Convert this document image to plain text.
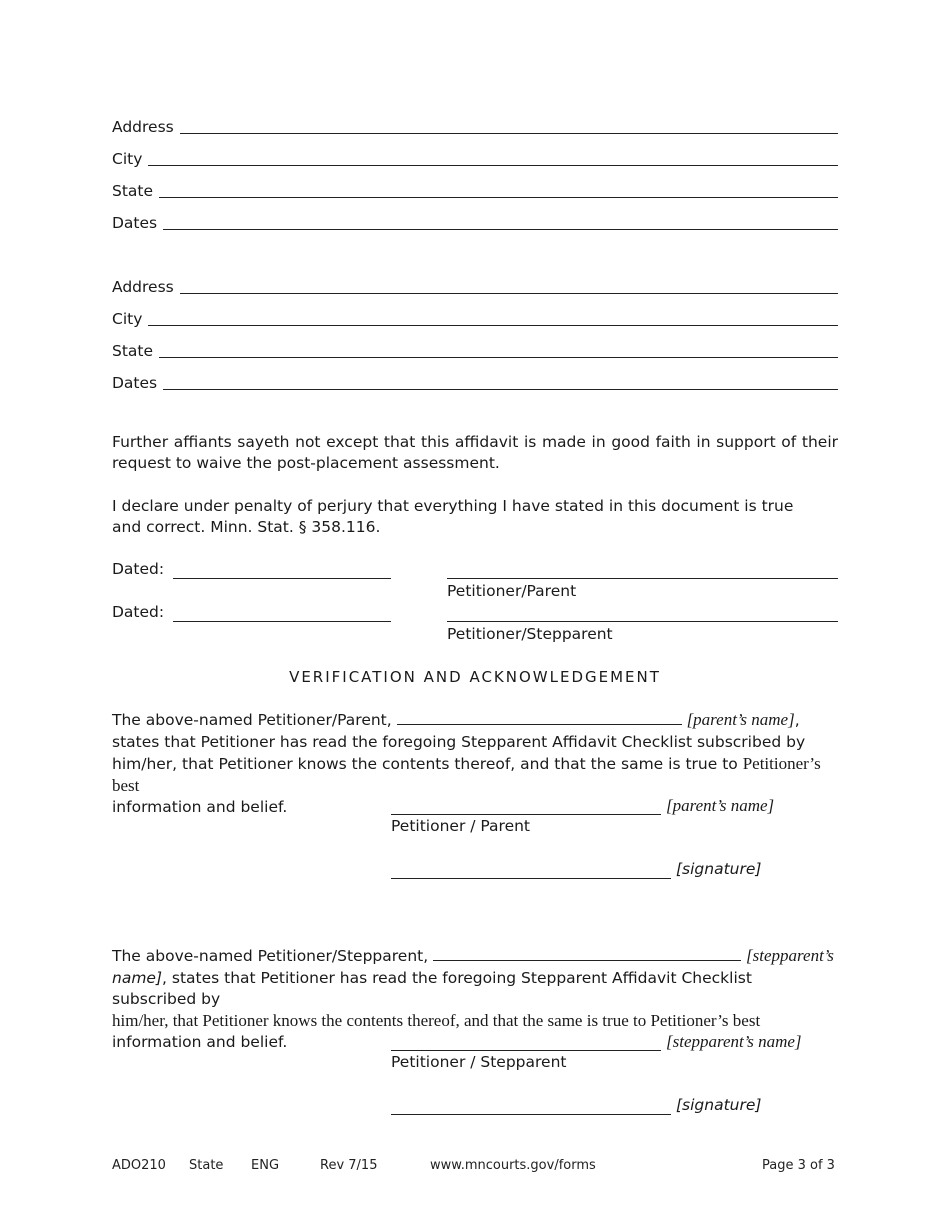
Address
City
State
Dates
Address
City
State
Dates
Further affiants sayeth not except that this affidavit is made in good faith in support of their request to waive the post-placement assessment.
I declare under penalty of perjury that everything I have stated in this document is true and correct. Minn. Stat. § 358.116.
Dated:
Petitioner/Parent
Dated:
Petitioner/Stepparent
VERIFICATION AND ACKNOWLEDGEMENT
The above-named Petitioner/Parent,	[parent’s name],
states that Petitioner has read the foregoing Stepparent Affidavit Checklist subscribed by him/her, that Petitioner knows the contents thereof, and that the same is true to Petitioner’s best
information and belief.	[parent’s name]
Petitioner / Parent
[signature]
The above-named Petitioner/Stepparent,	[stepparent’s
name], states that Petitioner has read the foregoing Stepparent Affidavit Checklist subscribed by
him/her, that Petitioner knows the contents thereof, and that the same is true to Petitioner’s best
information and belief.	[stepparent’s name]
Petitioner / Stepparent
[signature]
ADO210 State ENG	Rev 7/15	www.mncourts.gov/forms	Page 3 of 3
